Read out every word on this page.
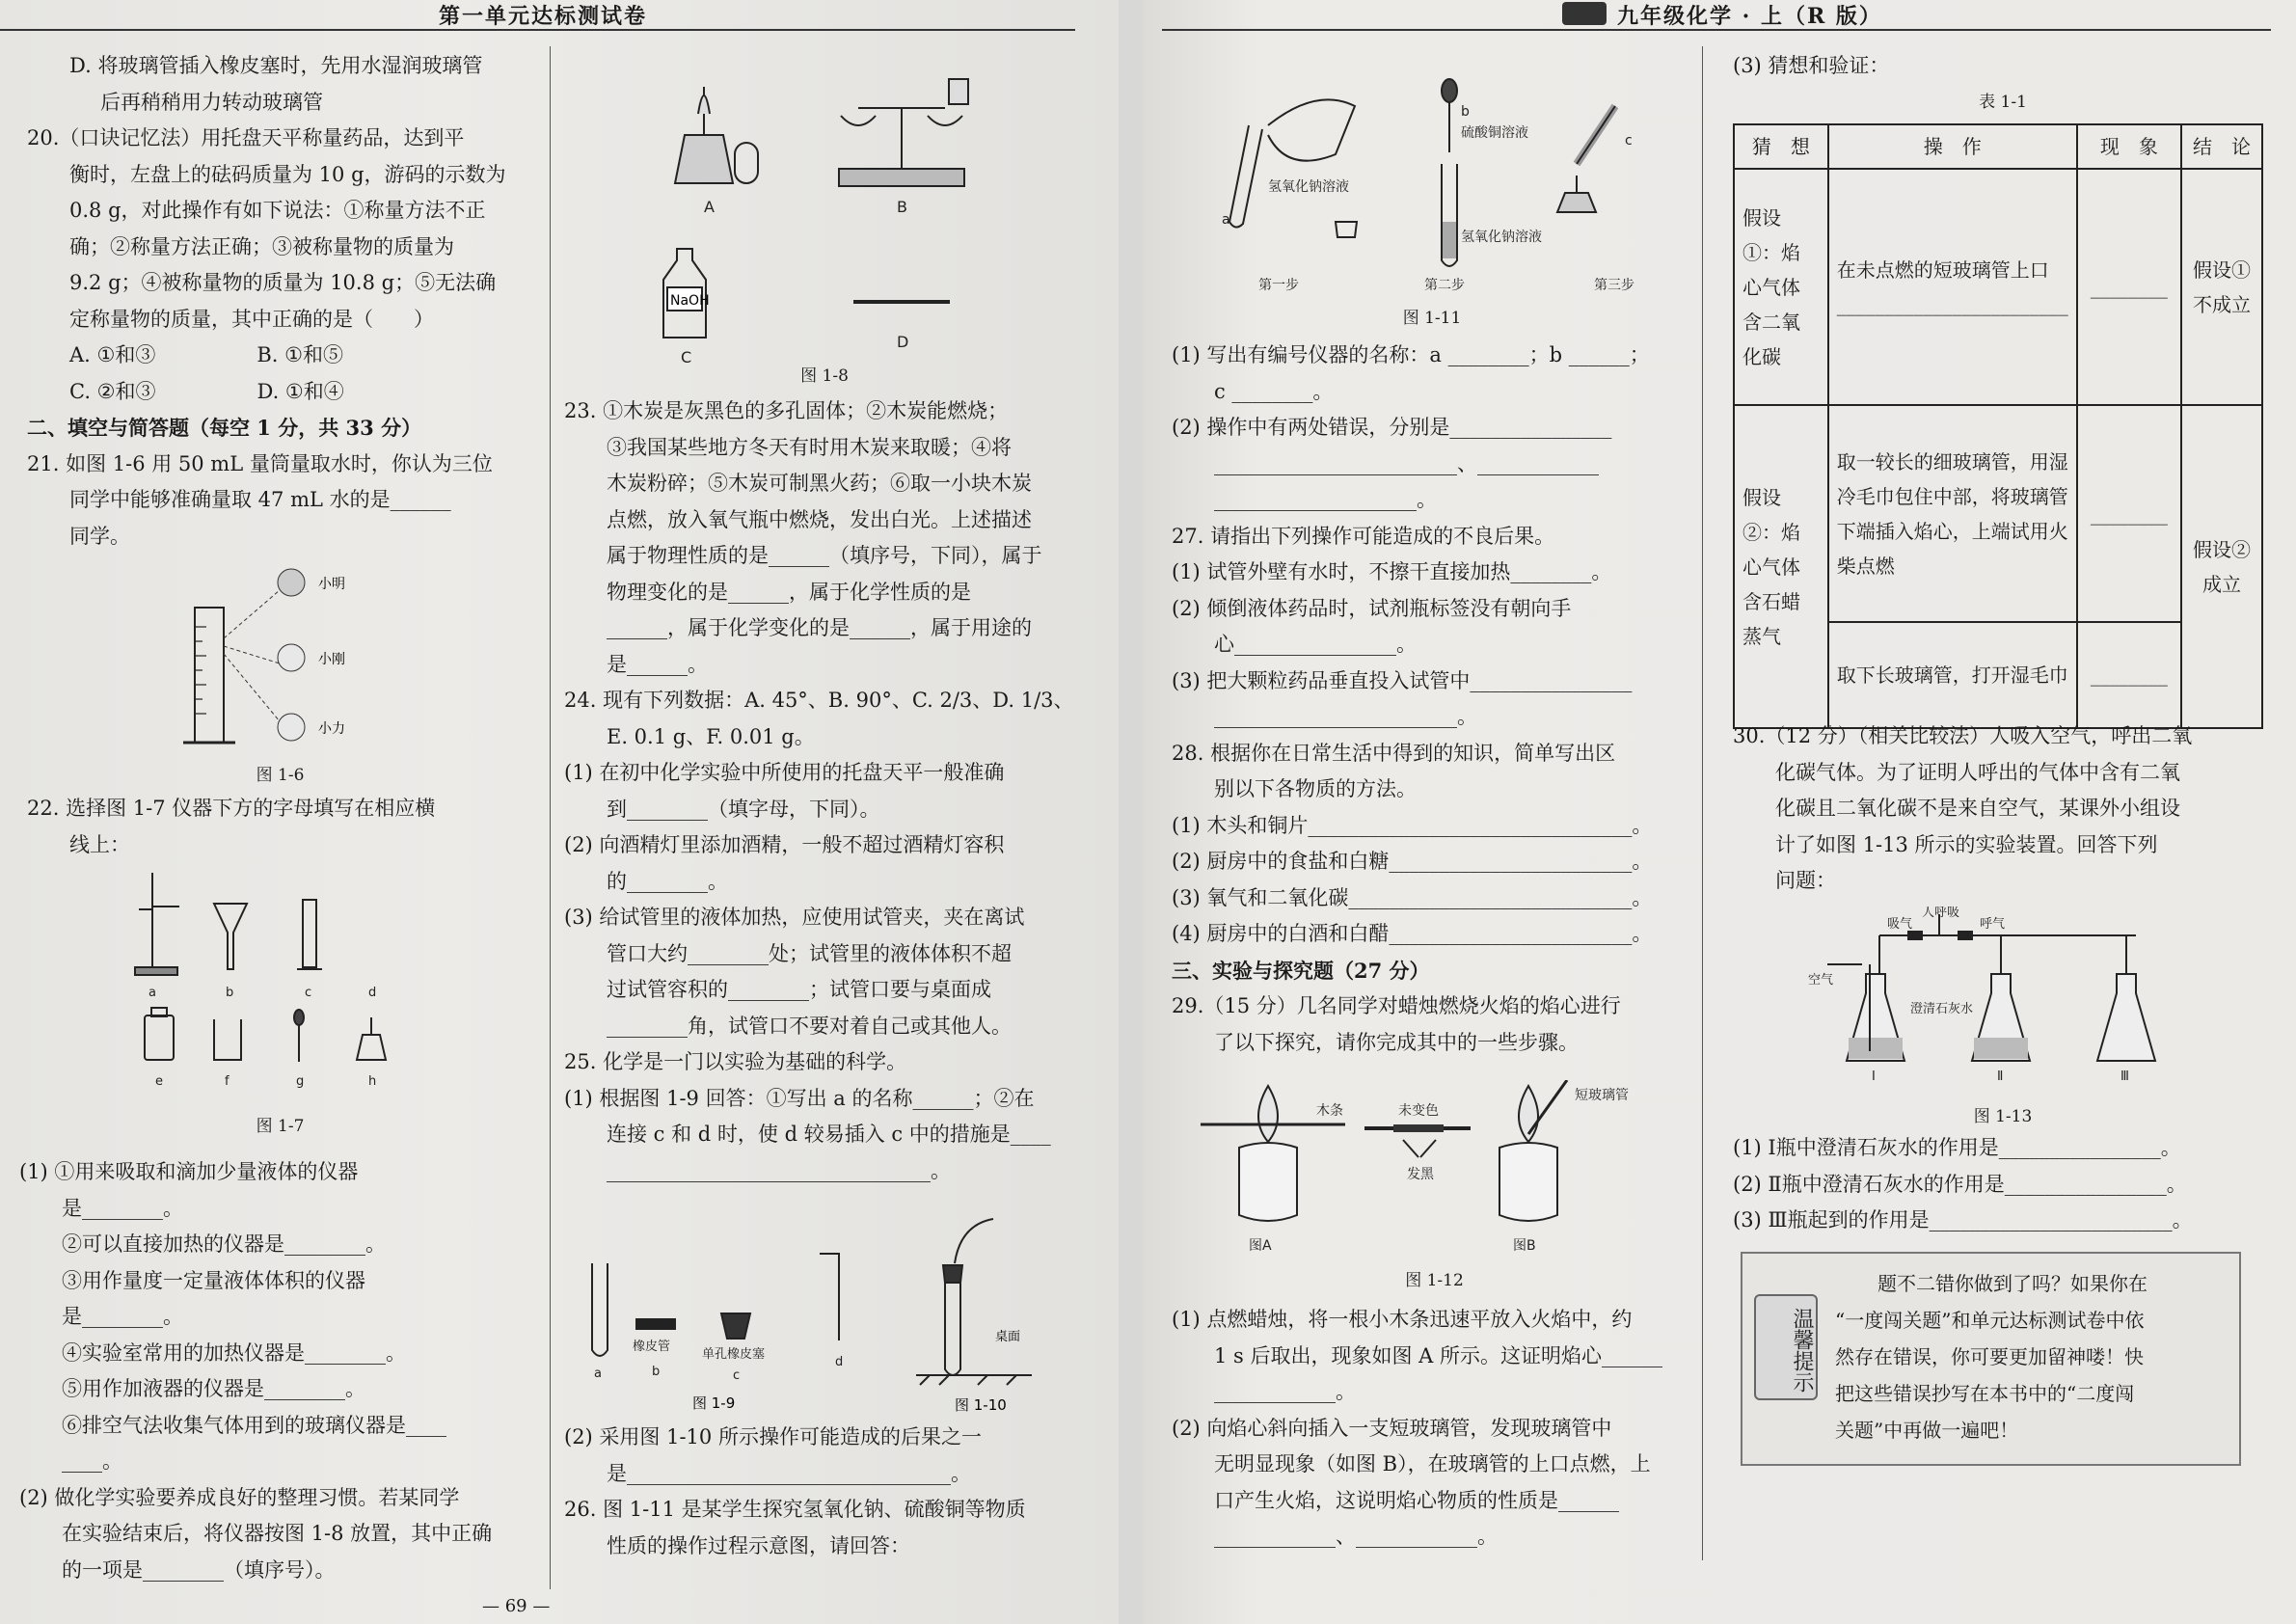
第一单元达标测试卷

D. 将玻璃管插入橡皮塞时，先用水湿润玻璃管

后再稍稍用力转动玻璃管

20.（口诀记忆法）用托盘天平称量药品，达到平

衡时，左盘上的砝码质量为 10 g，游码的示数为

0.8 g，对此操作有如下说法：①称量方法不正

确；②称量方法正确；③被称量物的质量为

9.2 g；④被称量物的质量为 10.8 g；⑤无法确

定称量物的质量，其中正确的是（　　）

A. ①和③　　　　　B. ①和⑤

C. ②和③　　　　　D. ①和④

二、填空与简答题（每空 1 分，共 33 分）

21. 如图 1-6 用 50 mL 量筒量取水时，你认为三位

同学中能够准确量取 47 mL 水的是______

同学。

小明
小刚
小力

图 1-6

22. 选择图 1-7 仪器下方的字母填写在相应横

线上：

a	b	c	d
e	f	g	h

图 1-7

(1) ①用来吸取和滴加少量液体的仪器

是________。

②可以直接加热的仪器是________。

③用作量度一定量液体体积的仪器

是________。

④实验室常用的加热仪器是________。

⑤用作加液器的仪器是________。

⑥排空气法收集气体用到的玻璃仪器是____

____。

(2) 做化学实验要养成良好的整理习惯。若某同学

在实验结束后，将仪器按图 1-8 放置，其中正确

的一项是________（填序号）。

NaOH
A	B
C
D

图 1-8

23. ①木炭是灰黑色的多孔固体；②木炭能燃烧；

③我国某些地方冬天有时用木炭来取暖；④将

木炭粉碎；⑤木炭可制黑火药；⑥取一小块木炭

点燃，放入氧气瓶中燃烧，发出白光。上述描述

属于物理性质的是______（填序号，下同），属于

物理变化的是______，属于化学性质的是

______，属于化学变化的是______，属于用途的

是______。

24. 现有下列数据：A. 45°、B. 90°、C. 2/3、D. 1/3、

E. 0.1 g、F. 0.01 g。

(1) 在初中化学实验中所使用的托盘天平一般准确

到________（填字母，下同）。

(2) 向酒精灯里添加酒精，一般不超过酒精灯容积

的________。

(3) 给试管里的液体加热，应使用试管夹，夹在离试

管口大约________处；试管里的液体体积不超

过试管容积的________；试管口要与桌面成

________角，试管口不要对着自己或其他人。

25. 化学是一门以实验为基础的科学。

(1) 根据图 1-9 回答：①写出 a 的名称______；②在

连接 c 和 d 时，使 d 较易插入 c 中的措施是____

________________________________。

a
橡皮管
b
单孔橡皮塞
c
d
图 1-9
桌面
图 1-10

(2) 采用图 1-10 所示操作可能造成的后果之一

是________________________________。

26. 图 1-11 是某学生探究氢氧化钠、硫酸铜等物质

性质的操作过程示意图，请回答：

— 69 —
九年级化学 · 上（R 版）
氢氧化钠溶液
a
b
硫酸铜溶液
氢氧化钠溶液
c
第一步	第二步	第三步

图 1-11

(1) 写出有编号仪器的名称：a ________；b ______；

c ________。

(2) 操作中有两处错误，分别是________________

________________________、____________

____________________。

27. 请指出下列操作可能造成的不良后果。

(1) 试管外壁有水时，不擦干直接加热________。

(2) 倾倒液体药品时，试剂瓶标签没有朝向手

心________________。

(3) 把大颗粒药品垂直投入试管中________________

________________________。

28. 根据你在日常生活中得到的知识，简单写出区

别以下各物质的方法。

(1) 木头和铜片________________________________。

(2) 厨房中的食盐和白糖________________________。

(3) 氧气和二氧化碳____________________________。

(4) 厨房中的白酒和白醋________________________。

三、实验与探究题（27 分）

29.（15 分）几名同学对蜡烛燃烧火焰的焰心进行

了以下探究，请你完成其中的一些步骤。

木条	未变色
发黑
短玻璃管
图A	图B

图 1-12

(1) 点燃蜡烛，将一根小木条迅速平放入火焰中，约

1 s 后取出，现象如图 A 所示。这证明焰心______

____________。

(2) 向焰心斜向插入一支短玻璃管，发现玻璃管中

无明显现象（如图 B），在玻璃管的上口点燃，上

口产生火焰，这说明焰心物质的性质是______

____________、____________。

(3) 猜想和验证：

表 1-1

猜　想	操　作	现　象	结　论
假设①：焰心气体含二氧化碳	在未点燃的短玻璃管上口________________________	________	假设①不成立
假设②：焰心气体含石蜡蒸气	取一较长的细玻璃管，用湿冷毛巾包住中部，将玻璃管下端插入焰心，上端试用火柴点燃	________	假设②成立
	取下长玻璃管，打开湿毛巾	________	

30.（12 分）（相关比较法）人吸入空气，呼出二氧

化碳气体。为了证明人呼出的气体中含有二氧

化碳且二氧化碳不是来自空气，某课外小组设

计了如图 1-13 所示的实验装置。回答下列

问题：

人呼吸
吸气	呼气
空气
澄清石灰水
Ⅰ	Ⅱ	Ⅲ

图 1-13

(1) Ⅰ瓶中澄清石灰水的作用是________________。

(2) Ⅱ瓶中澄清石灰水的作用是________________。

(3) Ⅲ瓶起到的作用是________________________。

温馨提示

题不二错你做到了吗？如果你在

“一度闯关题”和单元达标测试卷中依

然存在错误，你可要更加留神喽！快

把这些错误抄写在本书中的“二度闯

关题”中再做一遍吧！
